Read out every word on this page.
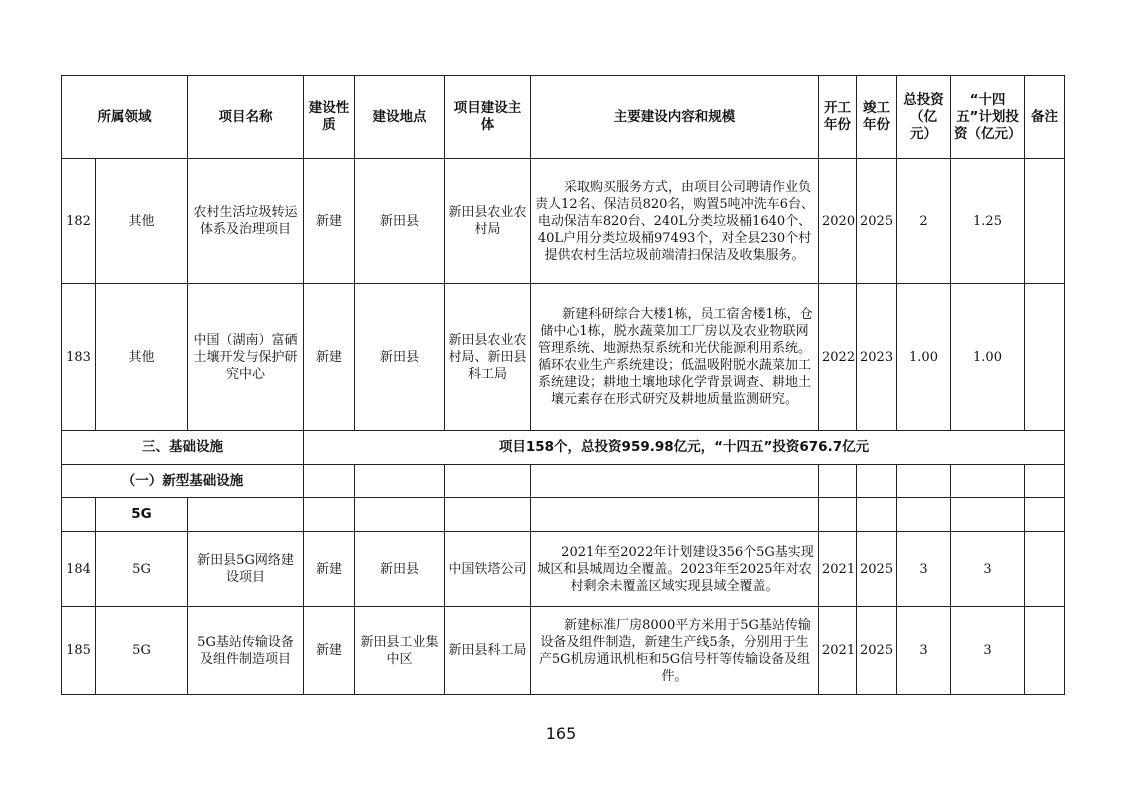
所属领域		项目名称	建设性质	建设地点	项目建设主体	主要建设内容和规模	开工年份	竣工年份	总投资（亿元）	“十四五”计划投资（亿元）	备注
182	其他	农村生活垃圾转运体系及治理项目	新建	新田县	新田县农业农村局	采取购买服务方式，由项目公司聘请作业负责人12名、保洁员820名，购置5吨冲洗车6台、电动保洁车820台、240L分类垃圾桶1640个、40L户用分类垃圾桶97493个，对全县230个村提供农村生活垃圾前端清扫保洁及收集服务。	2020	2025	2	1.25	
183	其他	中国（湖南）富硒土壤开发与保护研究中心	新建	新田县	新田县农业农村局、新田县科工局	新建科研综合大楼1栋，员工宿舍楼1栋，仓储中心1栋，脱水蔬菜加工厂房以及农业物联网管理系统、地源热泵系统和光伏能源利用系统。循环农业生产系统建设；低温吸附脱水蔬菜加工系统建设；耕地土壤地球化学背景调查、耕地土壤元素存在形式研究及耕地质量监测研究。	2022	2023	1.00	1.00	
三、基础设施			项目158个，总投资959.98亿元，“十四五”投资676.7亿元								
（一）新型基础设施											
	5G										
184	5G	新田县5G网络建设项目	新建	新田县	中国铁塔公司	2021年至2022年计划建设356个5G基实现城区和县城周边全覆盖。2023年至2025年对农村剩余未覆盖区域实现县域全覆盖。	2021	2025	3	3	
185	5G	5G基站传输设备及组件制造项目	新建	新田县工业集中区	新田县科工局	新建标准厂房8000平方米用于5G基站传输设备及组件制造，新建生产线5条，分别用于生产5G机房通讯机柜和5G信号杆等传输设备及组件。	2021	2025	3	3	
165
